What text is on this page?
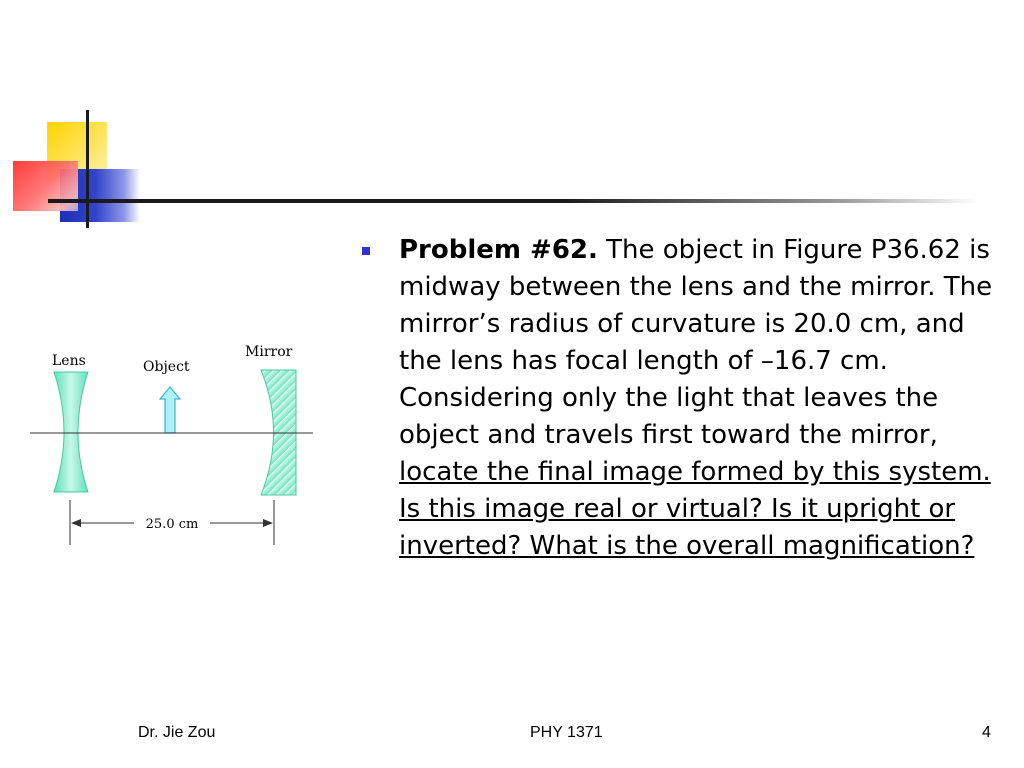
Problem #62. The object in Figure P36.62 is midway between the lens and the mirror. The mirror’s radius of curvature is 20.0 cm, and the lens has focal length of –16.7 cm. Considering only the light that leaves the object and travels first toward the mirror, locate the final image formed by this system. Is this image real or virtual? Is it upright or inverted? What is the overall magnification?

Lens	Object
Mirror
25.0 cm
Dr. Jie Zou	PHY 1371	4
